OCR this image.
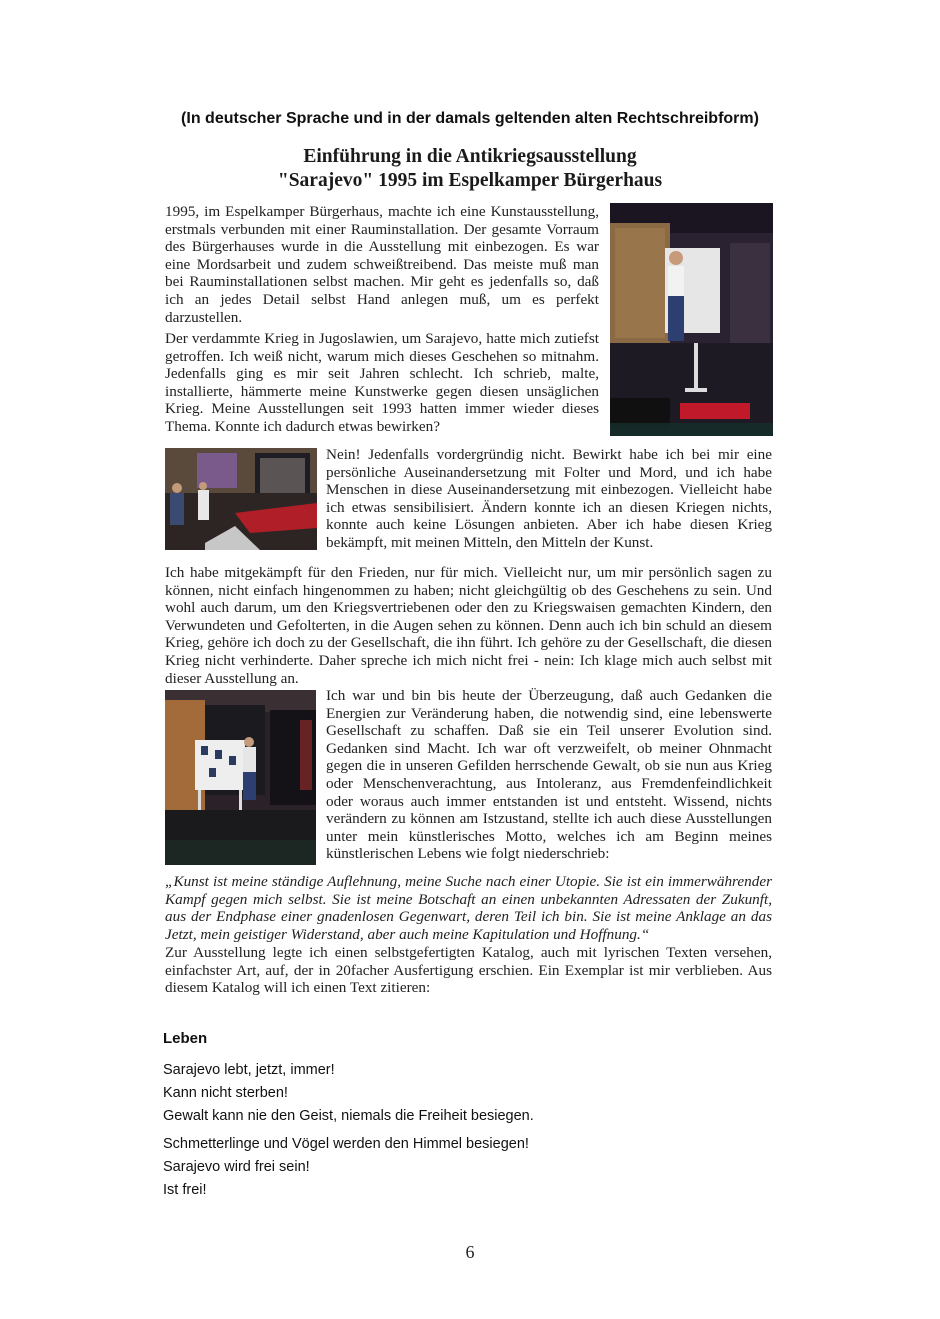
(In deutscher Sprache und in der damals geltenden alten Rechtschreibform)
Einführung in die Antikriegsausstellung
"Sarajevo" 1995 im Espelkamper Bürgerhaus

1995, im Espelkamper Bürgerhaus, machte ich eine Kunstausstellung, erstmals verbunden mit einer Rauminstallation. Der gesamte Vorraum des Bürgerhauses wurde in die Ausstellung mit einbezogen. Es war eine Mordsarbeit und zudem schweißtreibend. Das meiste muß man bei Rauminstallationen selbst machen. Mir geht es jedenfalls so, daß ich an jedes Detail selbst Hand anlegen muß, um es perfekt darzustellen.

Der verdammte Krieg in Jugoslawien, um Sarajevo, hatte mich zutiefst getroffen. Ich weiß nicht, warum mich dieses Geschehen so mitnahm. Jedenfalls ging es mir seit Jahren schlecht. Ich schrieb, malte, installierte, hämmerte meine Kunstwerke gegen diesen unsäglichen Krieg. Meine Ausstellungen seit 1993 hatten immer wieder dieses Thema. Konnte ich dadurch etwas bewirken?

Nein! Jedenfalls vordergründig nicht. Bewirkt habe ich bei mir eine persönliche Auseinandersetzung mit Folter und Mord, und ich habe Menschen in diese Auseinandersetzung mit einbezogen. Vielleicht habe ich etwas sensibilisiert. Ändern konnte ich an diesen Kriegen nichts, konnte auch keine Lösungen anbieten. Aber ich habe diesen Krieg bekämpft, mit meinen Mitteln, den Mitteln der Kunst.

Ich habe mitgekämpft für den Frieden, nur für mich. Vielleicht nur, um mir persönlich sagen zu können, nicht einfach hingenommen zu haben; nicht gleichgültig ob des Geschehens zu sein. Und wohl auch darum, um den Kriegsvertriebenen oder den zu Kriegswaisen gemachten Kindern, den Verwundeten und Gefolterten, in die Augen sehen zu können. Denn auch ich bin schuld an diesem Krieg, gehöre ich doch zu der Gesellschaft, die ihn führt. Ich gehöre zu der Gesellschaft, die diesen Krieg nicht verhinderte. Daher spreche ich mich nicht frei - nein: Ich klage mich auch selbst mit dieser Ausstellung an.

Ich war und bin bis heute der Überzeugung, daß auch Gedanken die Energien zur Veränderung haben, die notwendig sind, eine lebenswerte Gesellschaft zu schaffen. Daß sie ein Teil unserer Evolution sind. Gedanken sind Macht. Ich war oft verzweifelt, ob meiner Ohnmacht gegen die in unseren Gefilden herrschende Gewalt, ob sie nun aus Krieg oder Menschenverachtung, aus Intoleranz, aus Fremdenfeindlichkeit oder woraus auch immer entstanden ist und entsteht. Wissend, nichts verändern zu können am Istzustand, stellte ich auch diese Ausstellungen unter mein künstlerisches Motto, welches ich am Beginn meines künstlerischen Lebens wie folgt niederschrieb:

„Kunst ist meine ständige Auflehnung, meine Suche nach einer Utopie. Sie ist ein immerwährender Kampf gegen mich selbst. Sie ist meine Botschaft an einen unbekannten Adressaten der Zukunft, aus der Endphase einer gnadenlosen Gegenwart, deren Teil ich bin. Sie ist meine Anklage an das Jetzt, mein geistiger Widerstand, aber auch meine Kapitulation und Hoffnung.“

Zur Ausstellung legte ich einen selbstgefertigten Katalog, auch mit lyrischen Texten versehen, einfachster Art, auf, der in 20facher Ausfertigung erschien. Ein Exemplar ist mir verblieben. Aus diesem Katalog will ich einen Text zitieren:

Leben
Sarajevo lebt, jetzt, immer!
Kann nicht sterben!
Gewalt kann nie den Geist, niemals die Freiheit besiegen.
Schmetterlinge und Vögel werden den Himmel besiegen!
Sarajevo wird frei sein!
Ist frei!
6
